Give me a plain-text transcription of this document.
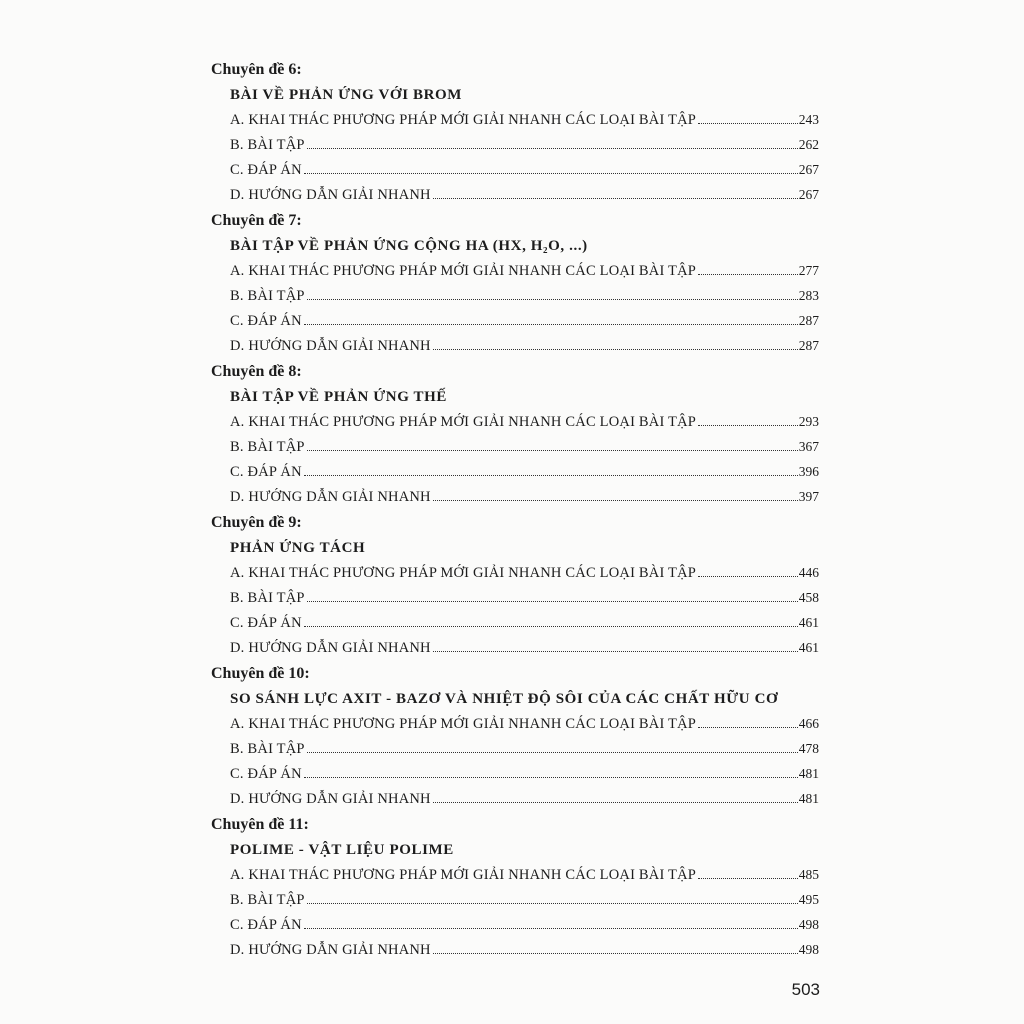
Chuyên đề 6:
BÀI VỀ PHẢN ỨNG VỚI BROM
A. KHAI THÁC PHƯƠNG PHÁP MỚI GIẢI NHANH CÁC LOẠI BÀI TẬP	243
B. BÀI TẬP	262
C. ĐÁP ÁN	267
D. HƯỚNG DẪN GIẢI NHANH	267
Chuyên đề 7:
BÀI TẬP VỀ PHẢN ỨNG CỘNG HA (HX, H₂O, ...)
A. KHAI THÁC PHƯƠNG PHÁP MỚI GIẢI NHANH CÁC LOẠI BÀI TẬP	277
B. BÀI TẬP	283
C. ĐÁP ÁN	287
D. HƯỚNG DẪN GIẢI NHANH	287
Chuyên đề 8:
BÀI TẬP VỀ PHẢN ỨNG THẾ
A. KHAI THÁC PHƯƠNG PHÁP MỚI GIẢI NHANH CÁC LOẠI BÀI TẬP	293
B. BÀI TẬP	367
C. ĐÁP ÁN	396
D. HƯỚNG DẪN GIẢI NHANH	397
Chuyên đề 9:
PHẢN ỨNG TÁCH
A. KHAI THÁC PHƯƠNG PHÁP MỚI GIẢI NHANH CÁC LOẠI BÀI TẬP	446
B. BÀI TẬP	458
C. ĐÁP ÁN	461
D. HƯỚNG DẪN GIẢI NHANH	461
Chuyên đề 10:
SO SÁNH LỰC AXIT - BAZƠ VÀ NHIỆT ĐỘ SÔI CỦA CÁC CHẤT HỮU CƠ
A. KHAI THÁC PHƯƠNG PHÁP MỚI GIẢI NHANH CÁC LOẠI BÀI TẬP	466
B. BÀI TẬP	478
C. ĐÁP ÁN	481
D. HƯỚNG DẪN GIẢI NHANH	481
Chuyên đề 11:
POLIME - VẬT LIỆU POLIME
A. KHAI THÁC PHƯƠNG PHÁP MỚI GIẢI NHANH CÁC LOẠI BÀI TẬP	485
B. BÀI TẬP	495
C. ĐÁP ÁN	498
D. HƯỚNG DẪN GIẢI NHANH	498
503
